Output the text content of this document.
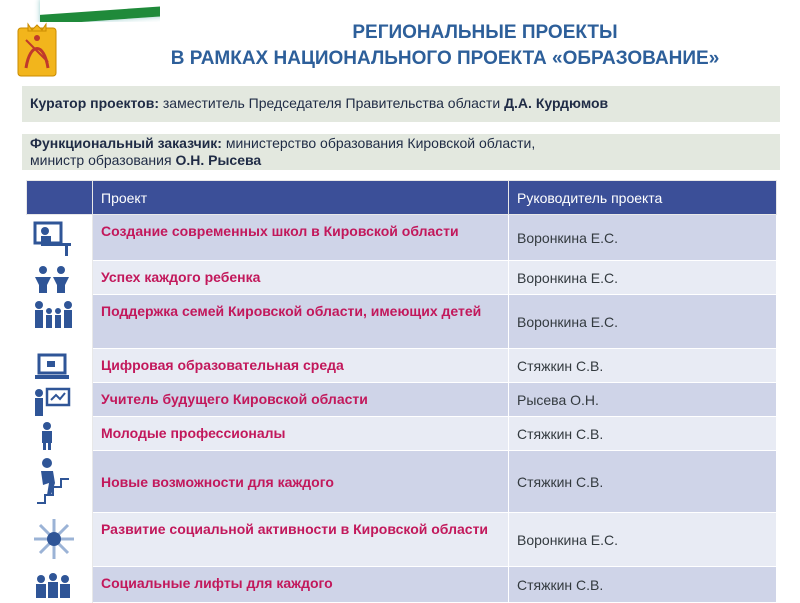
РЕГИОНАЛЬНЫЕ ПРОЕКТЫ
В РАМКАХ НАЦИОНАЛЬНОГО ПРОЕКТА «ОБРАЗОВАНИЕ»
Куратор проектов: заместитель Председателя Правительства области Д.А. Курдюмов
Функциональный заказчик: министерство образования Кировской области,
министр образования О.Н. Рысева
	Проект	Руководитель проекта

	Создание современных школ в Кировской области	Воронкина Е.С.

	Успех каждого ребенка	Воронкина Е.С.

	Поддержка семей Кировской области, имеющих детей	Воронкина Е.С.

	Цифровая образовательная среда	Стяжкин С.В.

	Учитель будущего Кировской области	Рысева О.Н.

	Молодые профессионалы	Стяжкин С.В.

	Новые возможности для каждого	Стяжкин С.В.

	Развитие социальной активности в Кировской области	Воронкина Е.С.

	Социальные лифты для каждого	Стяжкин С.В.
